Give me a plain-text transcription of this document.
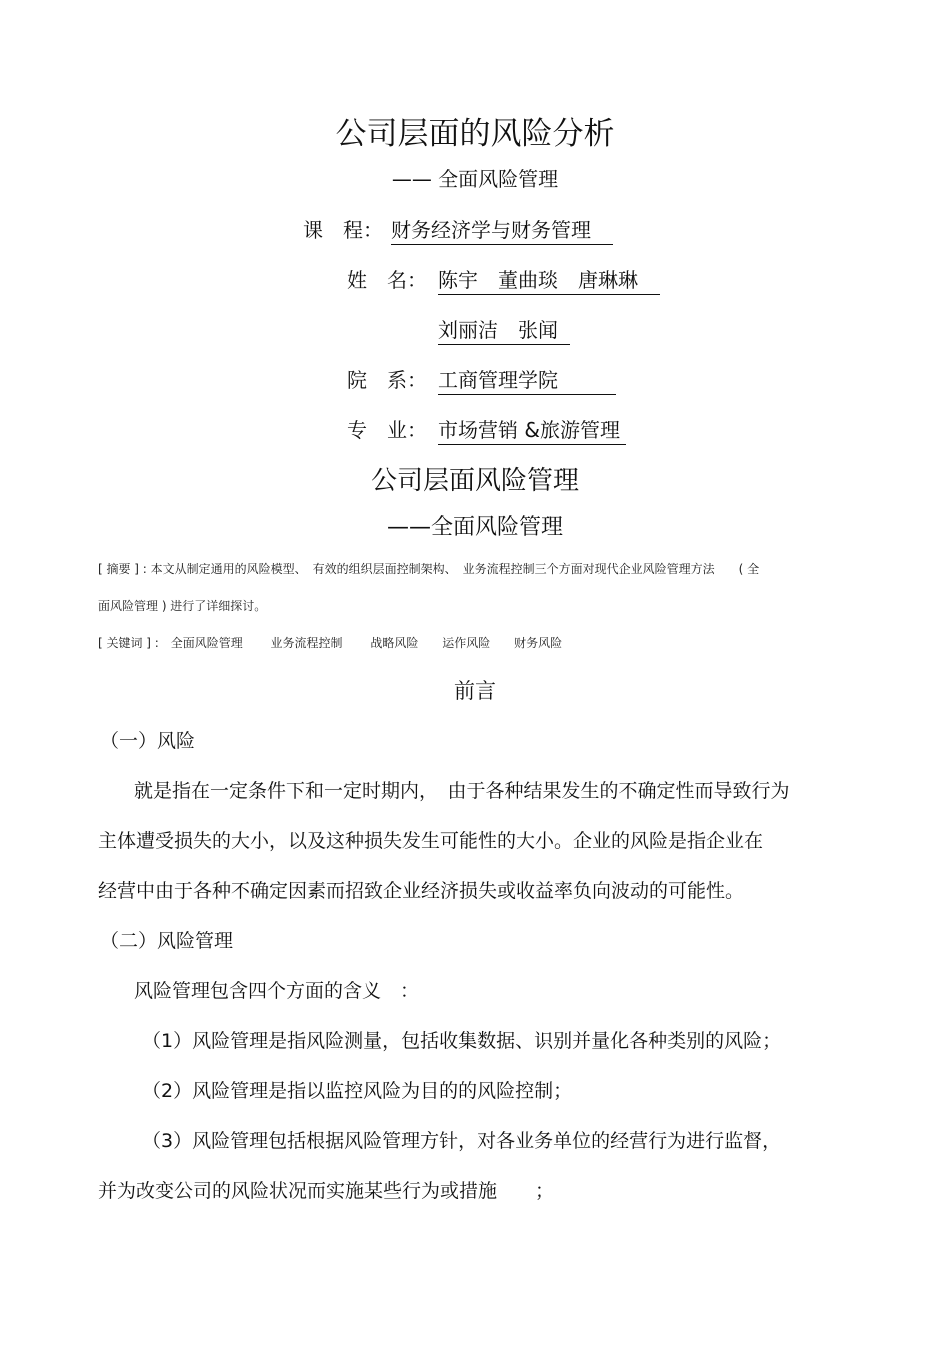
公司层面的风险分析
—— 全面风险管理
课　程： 财务经济学与财务管理
姓　名： 陈宇　董曲琰　唐琳琳
刘丽洁　张闻
院　系： 工商管理学院
专　业： 市场营销 &旅游管理
公司层面风险管理
——全面风险管理
[ 摘要 ] : 本文从制定通用的风险模型、　有效的组织层面控制架构、　业务流程控制三个方面对现代企业风险管理方法　　( 全
面风险管理 ) 进行了详细探讨。
[ 关键词 ] : 全面风险管理 业务流程控制 战略风险 运作风险 财务风险
前言
（一）风险
就是指在一定条件下和一定时期内，　由于各种结果发生的不确定性而导致行为
主体遭受损失的大小，以及这种损失发生可能性的大小。企业的风险是指企业在
经营中由于各种不确定因素而招致企业经济损失或收益率负向波动的可能性。
（二）风险管理
风险管理包含四个方面的含义　：
（1）风险管理是指风险测量，包括收集数据、识别并量化各种类别的风险；
（2）风险管理是指以监控风险为目的的风险控制；
（3）风险管理包括根据风险管理方针，对各业务单位的经营行为进行监督，
并为改变公司的风险状况而实施某些行为或措施　　；
